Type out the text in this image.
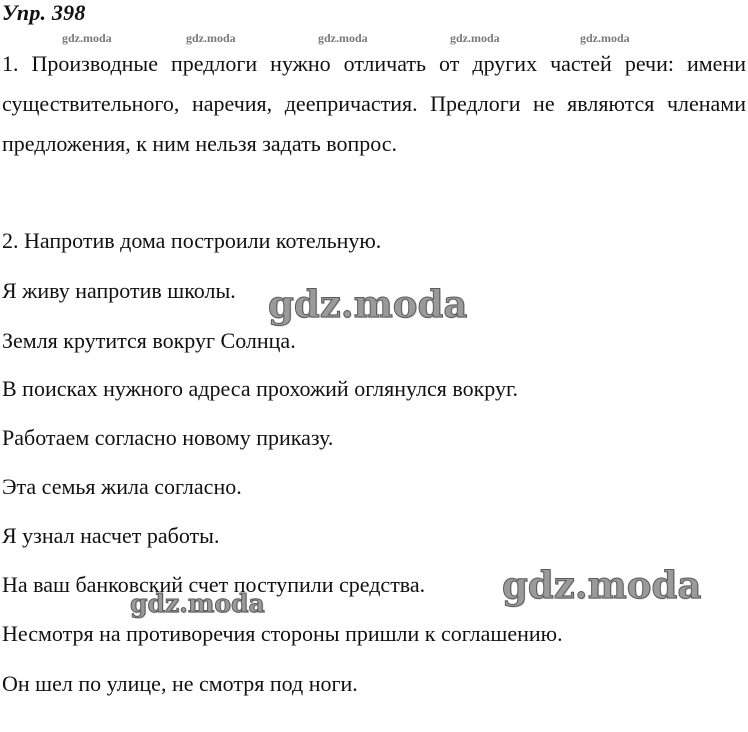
Упр. 398
gdz.moda	gdz.moda	gdz.moda	gdz.moda	gdz.moda
1. Производные предлоги нужно отличать от других частей речи: имени существительного, наречия, деепричастия. Предлоги не являются членами предложения, к ним нельзя задать вопрос.
2. Напротив дома построили котельную.
Я живу напротив школы.
Земля крутится вокруг Солнца.
В поисках нужного адреса прохожий оглянулся вокруг.
Работаем согласно новому приказу.
Эта семья жила согласно.
Я узнал насчет работы.
На ваш банковский счет поступили средства.
Несмотря на противоречия стороны пришли к соглашению.
Он шел по улице, не смотря под ноги.
gdz.moda
gdz.moda
gdz.moda
